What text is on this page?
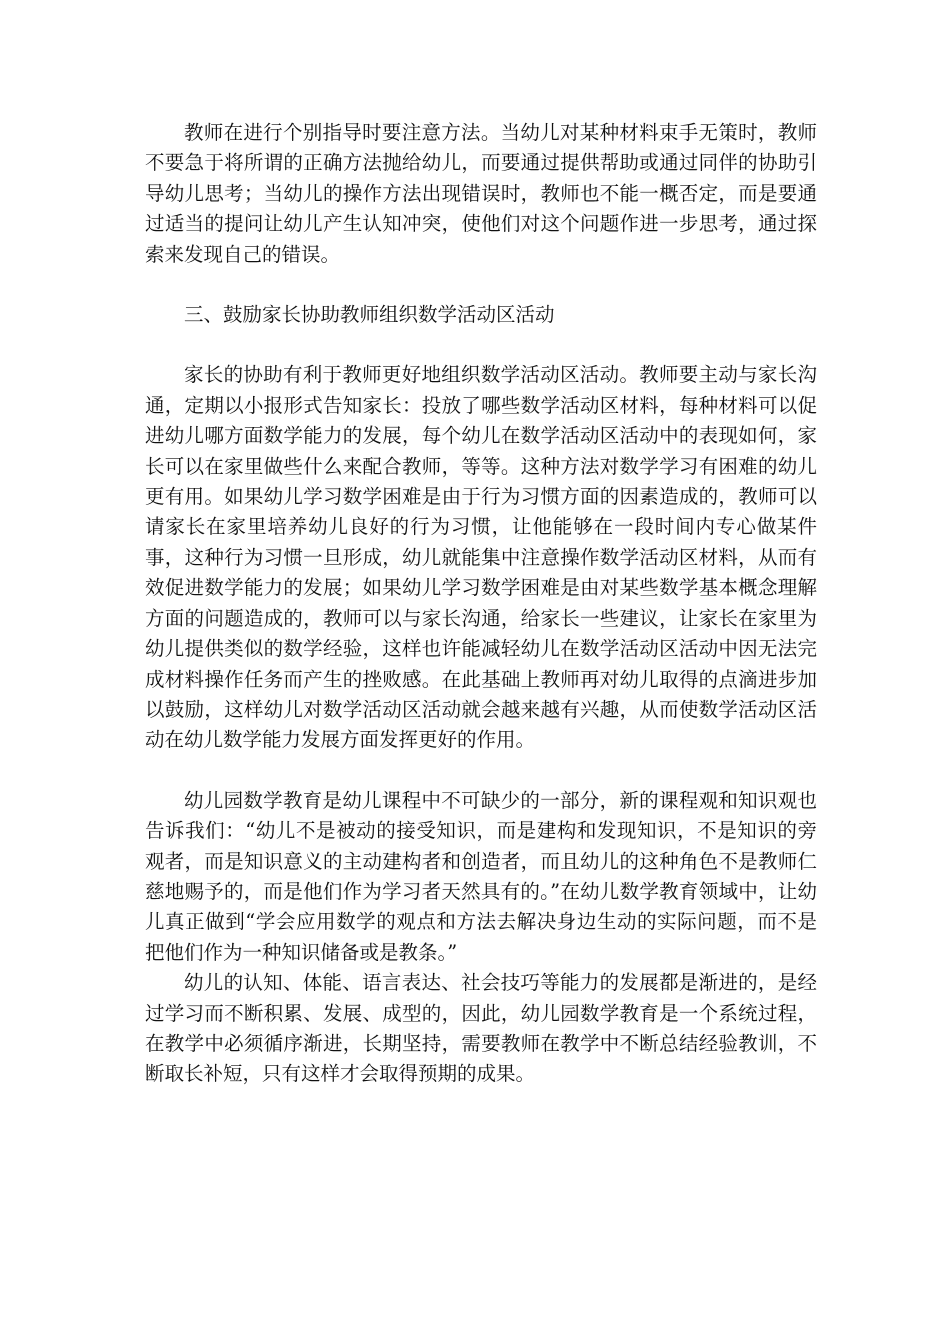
教师在进行个别指导时要注意方法。当幼儿对某种材料束手无策时，教师不要急于将所谓的正确方法抛给幼儿，而要通过提供帮助或通过同伴的协助引导幼儿思考；当幼儿的操作方法出现错误时，教师也不能一概否定，而是要通过适当的提问让幼儿产生认知冲突，使他们对这个问题作进一步思考，通过探索来发现自己的错误。

三、鼓励家长协助教师组织数学活动区活动

家长的协助有利于教师更好地组织数学活动区活动。教师要主动与家长沟通，定期以小报形式告知家长：投放了哪些数学活动区材料，每种材料可以促进幼儿哪方面数学能力的发展，每个幼儿在数学活动区活动中的表现如何，家长可以在家里做些什么来配合教师，等等。这种方法对数学学习有困难的幼儿更有用。如果幼儿学习数学困难是由于行为习惯方面的因素造成的，教师可以请家长在家里培养幼儿良好的行为习惯，让他能够在一段时间内专心做某件事，这种行为习惯一旦形成，幼儿就能集中注意操作数学活动区材料，从而有效促进数学能力的发展；如果幼儿学习数学困难是由对某些数学基本概念理解方面的问题造成的，教师可以与家长沟通，给家长一些建议，让家长在家里为幼儿提供类似的数学经验，这样也许能减轻幼儿在数学活动区活动中因无法完成材料操作任务而产生的挫败感。在此基础上教师再对幼儿取得的点滴进步加以鼓励，这样幼儿对数学活动区活动就会越来越有兴趣，从而使数学活动区活动在幼儿数学能力发展方面发挥更好的作用。

幼儿园数学教育是幼儿课程中不可缺少的一部分，新的课程观和知识观也告诉我们：“幼儿不是被动的接受知识，而是建构和发现知识，不是知识的旁观者，而是知识意义的主动建构者和创造者，而且幼儿的这种角色不是教师仁慈地赐予的，而是他们作为学习者天然具有的。”在幼儿数学教育领域中，让幼儿真正做到“学会应用数学的观点和方法去解决身边生动的实际问题，而不是把他们作为一种知识储备或是教条。”

幼儿的认知、体能、语言表达、社会技巧等能力的发展都是渐进的，是经过学习而不断积累、发展、成型的，因此，幼儿园数学教育是一个系统过程，在教学中必须循序渐进，长期坚持，需要教师在教学中不断总结经验教训，不断取长补短，只有这样才会取得预期的成果。
